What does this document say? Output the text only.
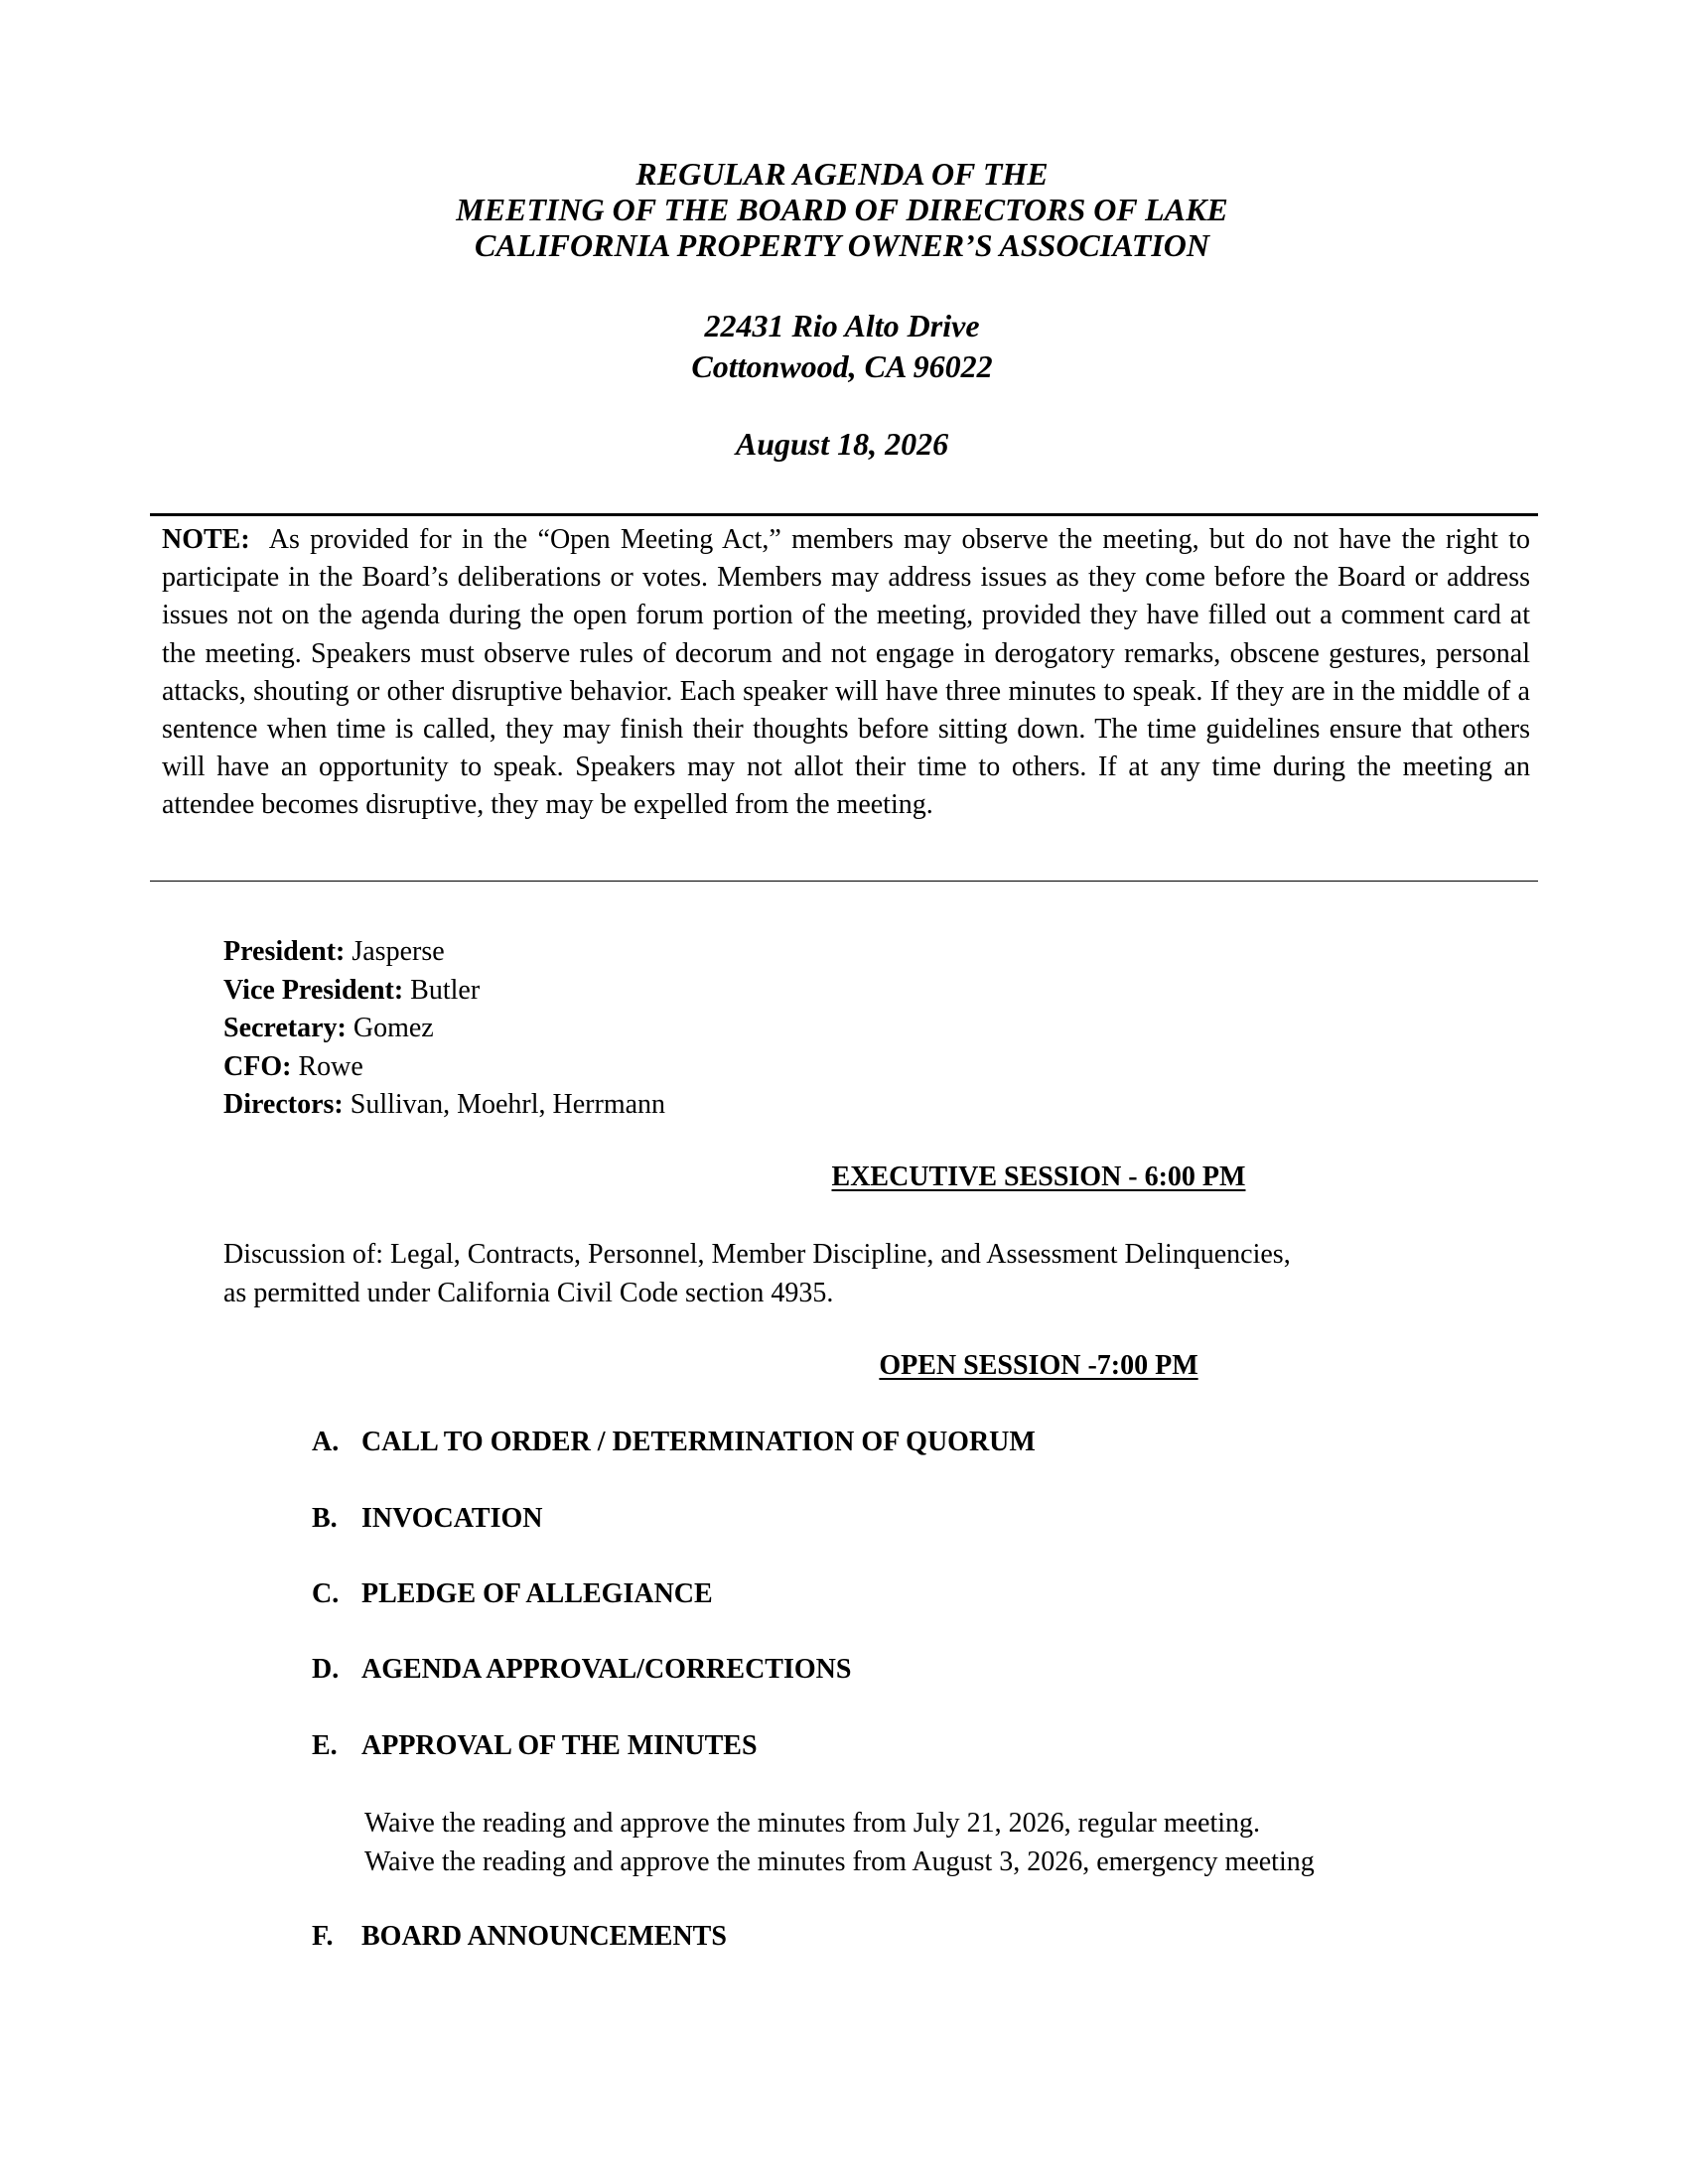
REGULAR AGENDA OF THE
MEETING OF THE BOARD OF DIRECTORS OF LAKE
CALIFORNIA PROPERTY OWNER’S ASSOCIATION
22431 Rio Alto Drive
Cottonwood, CA 96022
August 18, 2026
NOTE: As provided for in the “Open Meeting Act,” members may observe the meeting, but do not have the right to participate in the Board’s deliberations or votes. Members may address issues as they come before the Board or address issues not on the agenda during the open forum portion of the meeting, provided they have filled out a comment card at the meeting. Speakers must observe rules of decorum and not engage in derogatory remarks, obscene gestures, personal attacks, shouting or other disruptive behavior. Each speaker will have three minutes to speak. If they are in the middle of a sentence when time is called, they may finish their thoughts before sitting down. The time guidelines ensure that others will have an opportunity to speak. Speakers may not allot their time to others. If at any time during the meeting an attendee becomes disruptive, they may be expelled from the meeting.
President: Jasperse
Vice President: Butler
Secretary: Gomez
CFO: Rowe
Directors: Sullivan, Moehrl, Herrmann
EXECUTIVE SESSION - 6:00 PM
Discussion of: Legal, Contracts, Personnel, Member Discipline, and Assessment Delinquencies,
as permitted under California Civil Code section 4935.
OPEN SESSION -7:00 PM
A. CALL TO ORDER / DETERMINATION OF QUORUM
B. INVOCATION
C. PLEDGE OF ALLEGIANCE
D. AGENDA APPROVAL/CORRECTIONS
E. APPROVAL OF THE MINUTES
Waive the reading and approve the minutes from July 21, 2026, regular meeting.
Waive the reading and approve the minutes from August 3, 2026, emergency meeting
F. BOARD ANNOUNCEMENTS
